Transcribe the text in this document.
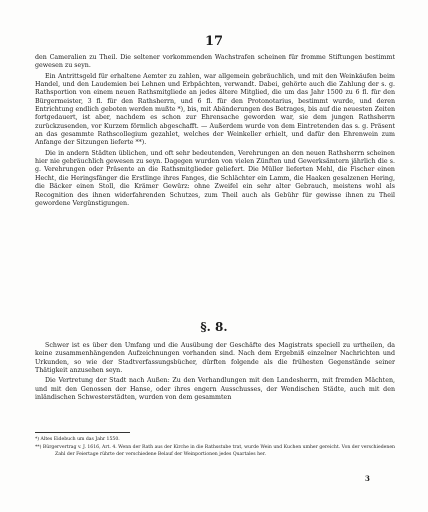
17

den Cameralien zu Theil. Die seltener vorkommenden Wachstrafen scheinen für fromme Stiftungen bestimmt gewesen zu seyn.

Ein Antrittsgeld für erhaltene Aemter zu zahlen, war allgemein gebräuchlich, und mit den Weinkäufen beim Handel, und den Laudemien bei Lehnen und Erbpächten, verwandt. Dabei, gehörte auch die Zahlung der s. g. Rathsportion von einem neuen Rathsmitgliede an jedes ältere Mitglied, die um das Jahr 1500 zu 6 fl. für den Bürgermeister, 3 fl. für den Rathsherrn, und 6 fl. für den Protonotarius, bestimmt wurde, und deren Entrichtung endlich geboten werden mußte *), bis, mit Abänderungen des Betrages, bis auf die neuesten Zeiten fortgedauert, ist aber, nachdem es schon zur Ehrensache geworden war, sie dem jungen Rathsherrn zurückzusenden, vor Kurzem förmlich abgeschafft. — Außerdem wurde von dem Eintretenden das s. g. Präsent an das gesammte Rathscollegium gezahlet, welches der Weinkeller erhielt, und dafür den Ehrenwein zum Anfange der Sitzungen lieferte **).

Die in andern Städten üblichen, und oft sehr bedeutenden, Verehrungen an den neuen Rathsherrn scheinen hier nie gebräuchlich gewesen zu seyn. Dagegen wurden von vielen Zünften und Gewerksämtern jährlich die s. g. Verehrungen oder Präsente an die Rathsmitglieder geliefert. Die Müller lieferten Mehl, die Fischer einen Hecht, die Heringsfänger die Erstlinge ihres Fanges, die Schlächter ein Lamm, die Haaken gesalzenen Hering, die Bäcker einen Stoll, die Krämer Gewürz: ohne Zweifel ein sehr alter Gebrauch, meistens wohl als Recognition des ihnen widerfahrenden Schutzes, zum Theil auch als Gebühr für gewisse ihnen zu Theil gewordene Vergünstigungen.

§. 8.

Schwer ist es über den Umfang und die Ausübung der Geschäfte des Magistrats speciell zu urtheilen, da keine zusammenhängenden Aufzeichnungen vorhanden sind. Nach dem Ergebniß einzelner Nachrichten und Urkunden, so wie der Stadtverfassungsbücher, dürften folgende als die frühesten Gegenstände seiner Thätigkeit anzusehen seyn.

Die Vertretung der Stadt nach Außen: Zu den Verhandlungen mit den Landesherrn, mit fremden Mächten, und mit den Genossen der Hanse, oder ihres engern Ausschusses, der Wendischen Städte, auch mit den inländischen Schwesterstädten, wurden von dem gesammten

*) Altes Eidebuch um das Jahr 1550.

**) Bürgervertrag v. J. 1616, Art. 4. Wenn der Rath aus der Kirche in die Rathsstube trat, wurde Wein und Kuchen umher gereicht. Von der verschiedenen Zahl der Feiertage rührte der verschiedene Belauf der Weinportionen jedes Quartales her.

3
